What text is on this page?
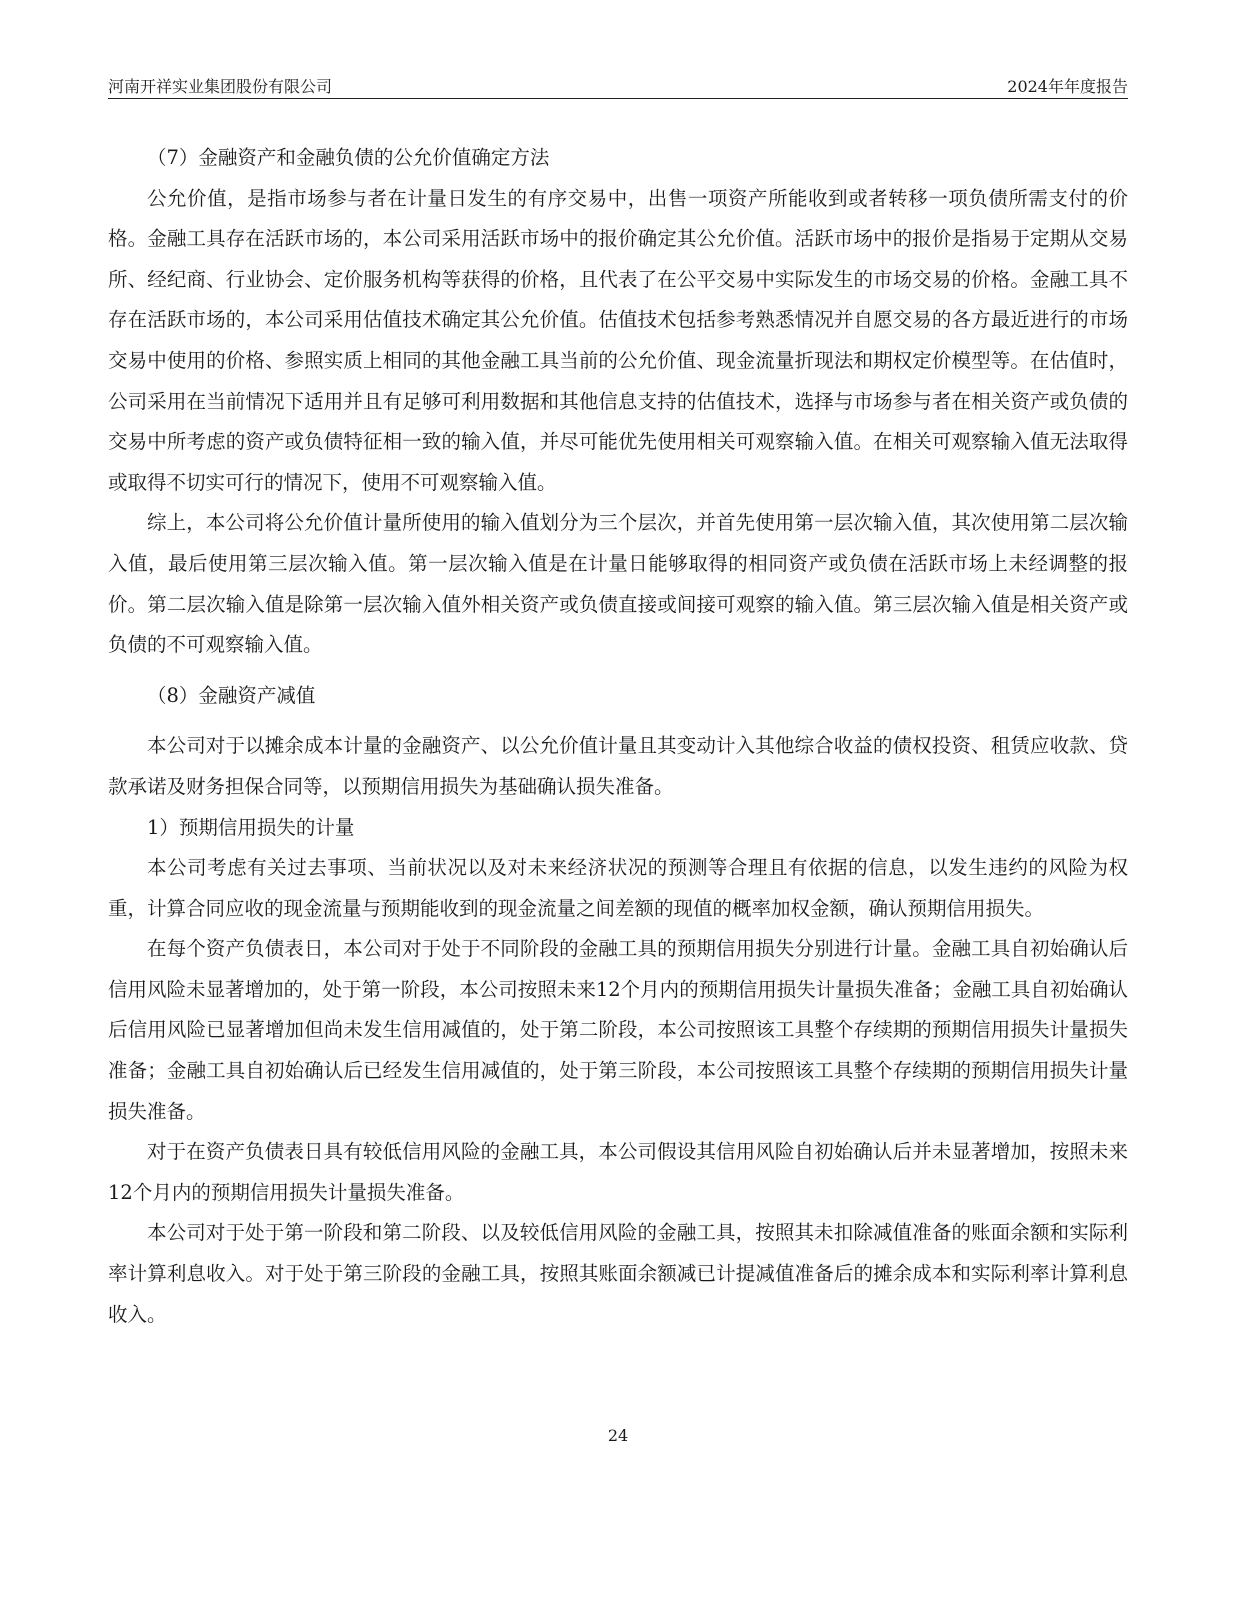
河南开祥实业集团股份有限公司	2024年年度报告
（7）金融资产和金融负债的公允价值确定方法

公允价值，是指市场参与者在计量日发生的有序交易中，出售一项资产所能收到或者转移一项负债所需支付的价格。金融工具存在活跃市场的，本公司采用活跃市场中的报价确定其公允价值。活跃市场中的报价是指易于定期从交易所、经纪商、行业协会、定价服务机构等获得的价格，且代表了在公平交易中实际发生的市场交易的价格。金融工具不存在活跃市场的，本公司采用估值技术确定其公允价值。估值技术包括参考熟悉情况并自愿交易的各方最近进行的市场交易中使用的价格、参照实质上相同的其他金融工具当前的公允价值、现金流量折现法和期权定价模型等。在估值时，公司采用在当前情况下适用并且有足够可利用数据和其他信息支持的估值技术，选择与市场参与者在相关资产或负债的交易中所考虑的资产或负债特征相一致的输入值，并尽可能优先使用相关可观察输入值。在相关可观察输入值无法取得或取得不切实可行的情况下，使用不可观察输入值。

综上，本公司将公允价值计量所使用的输入值划分为三个层次，并首先使用第一层次输入值，其次使用第二层次输入值，最后使用第三层次输入值。第一层次输入值是在计量日能够取得的相同资产或负债在活跃市场上未经调整的报价。第二层次输入值是除第一层次输入值外相关资产或负债直接或间接可观察的输入值。第三层次输入值是相关资产或负债的不可观察输入值。

（8）金融资产减值

本公司对于以摊余成本计量的金融资产、以公允价值计量且其变动计入其他综合收益的债权投资、租赁应收款、贷款承诺及财务担保合同等，以预期信用损失为基础确认损失准备。

1）预期信用损失的计量

本公司考虑有关过去事项、当前状况以及对未来经济状况的预测等合理且有依据的信息，以发生违约的风险为权重，计算合同应收的现金流量与预期能收到的现金流量之间差额的现值的概率加权金额，确认预期信用损失。

在每个资产负债表日，本公司对于处于不同阶段的金融工具的预期信用损失分别进行计量。金融工具自初始确认后信用风险未显著增加的，处于第一阶段，本公司按照未来12个月内的预期信用损失计量损失准备；金融工具自初始确认后信用风险已显著增加但尚未发生信用减值的，处于第二阶段，本公司按照该工具整个存续期的预期信用损失计量损失准备；金融工具自初始确认后已经发生信用减值的，处于第三阶段，本公司按照该工具整个存续期的预期信用损失计量损失准备。

对于在资产负债表日具有较低信用风险的金融工具，本公司假设其信用风险自初始确认后并未显著增加，按照未来12个月内的预期信用损失计量损失准备。

本公司对于处于第一阶段和第二阶段、以及较低信用风险的金融工具，按照其未扣除减值准备的账面余额和实际利率计算利息收入。对于处于第三阶段的金融工具，按照其账面余额减已计提减值准备后的摊余成本和实际利率计算利息收入。

24
